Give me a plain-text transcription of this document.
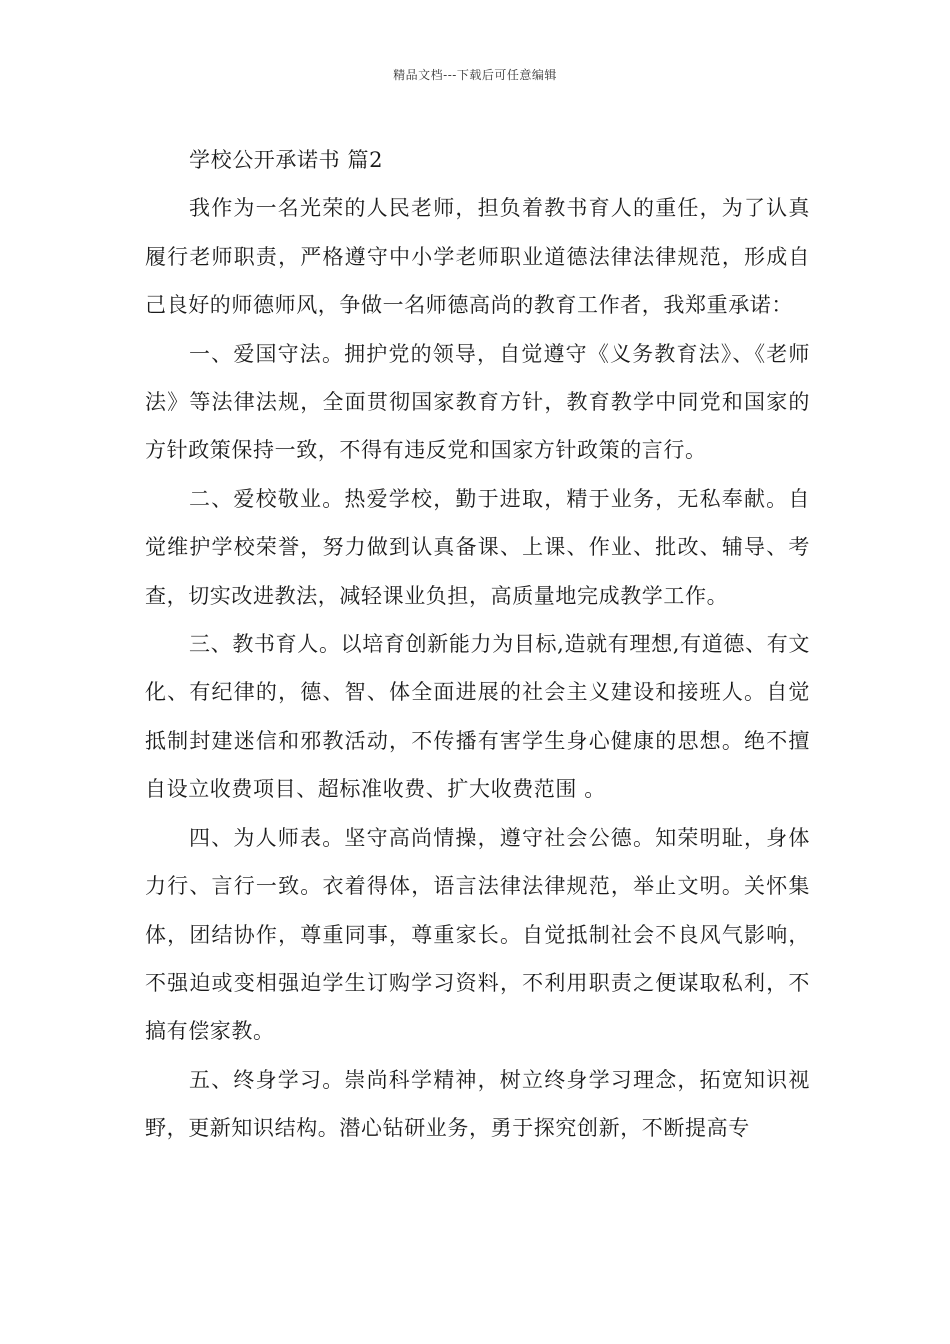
精品文档---下载后可任意编辑
学校公开承诺书 篇2

我作为一名光荣的人民老师，担负着教书育人的重任，为了认真履行老师职责，严格遵守中小学老师职业道德法律法律规范，形成自己良好的师德师风，争做一名师德高尚的教育工作者，我郑重承诺：

一、爱国守法。拥护党的领导，自觉遵守《义务教育法》、《老师法》等法律法规，全面贯彻国家教育方针，教育教学中同党和国家的方针政策保持一致，不得有违反党和国家方针政策的言行。

二、爱校敬业。热爱学校，勤于进取，精于业务，无私奉献。自觉维护学校荣誉，努力做到认真备课、上课、作业、批改、辅导、考查，切实改进教法，减轻课业负担，高质量地完成教学工作。

三、教书育人。以培育创新能力为目标,造就有理想,有道德、有文化、有纪律的，德、智、体全面进展的社会主义建设和接班人。自觉抵制封建迷信和邪教活动，不传播有害学生身心健康的思想。绝不擅自设立收费项目、超标准收费、扩大收费范围 。

四、为人师表。坚守高尚情操，遵守社会公德。知荣明耻，身体力行、言行一致。衣着得体，语言法律法律规范，举止文明。关怀集体，团结协作，尊重同事，尊重家长。自觉抵制社会不良风气影响，不强迫或变相强迫学生订购学习资料，不利用职责之便谋取私利，不搞有偿家教。

五、终身学习。崇尚科学精神，树立终身学习理念，拓宽知识视野，更新知识结构。潜心钻研业务，勇于探究创新，不断提高专
